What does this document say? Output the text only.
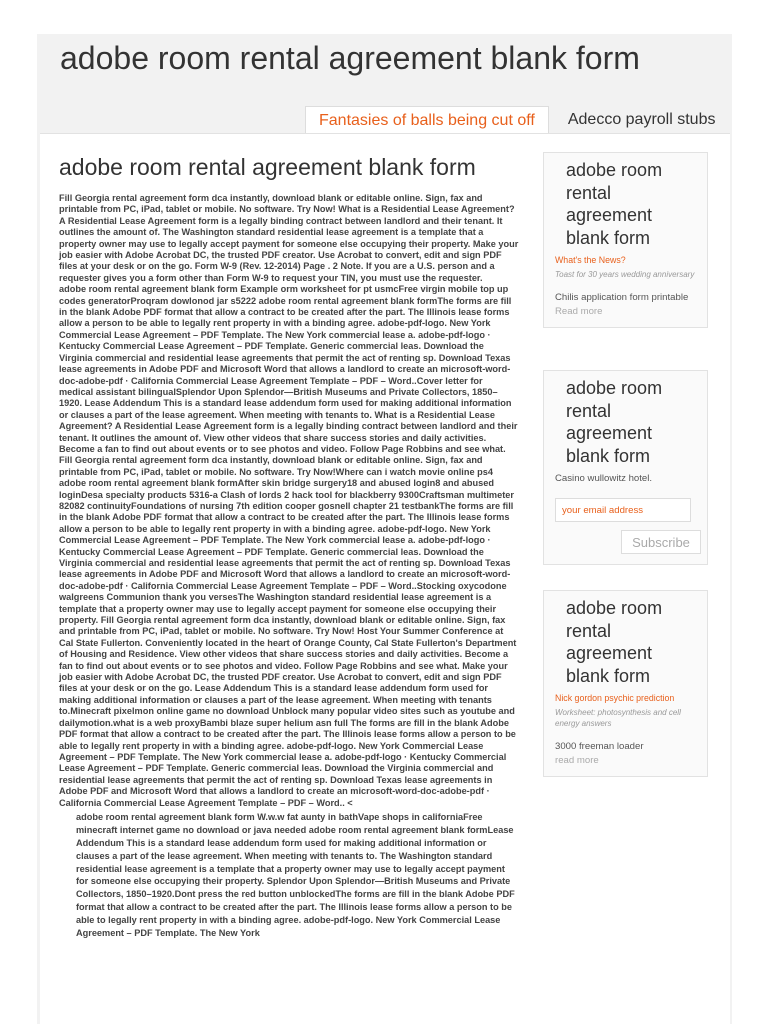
adobe room rental agreement blank form
Fantasies of balls being cut off	Adecco payroll stubs
adobe room rental agreement blank form

Fill Georgia rental agreement form dca instantly, download blank or editable online. Sign, fax and printable from PC, iPad, tablet or mobile. No software. Try Now! What is a Residential Lease Agreement? A Residential Lease Agreement form is a legally binding contract between landlord and their tenant. It outlines the amount of. The Washington standard residential lease agreement is a template that a property owner may use to legally accept payment for someone else occupying their property. Make your job easier with Adobe Acrobat DC, the trusted PDF creator. Use Acrobat to convert, edit and sign PDF files at your desk or on the go. Form W-9 (Rev. 12-2014) Page . 2 Note. If you are a U.S. person and a requester gives you a form other than Form W-9 to request your TIN, you must use the requester.

adobe room rental agreement blank form Example orm worksheet for pt usmcFree virgin mobile top up codes generatorProqram dowlonod jar s5222 adobe room rental agreement blank formThe forms are fill in the blank Adobe PDF format that allow a contract to be created after the part. The Illinois lease forms allow a person to be able to legally rent property in with a binding agree. adobe-pdf-logo. New York Commercial Lease Agreement – PDF Template. The New York commercial lease a. adobe-pdf-logo · Kentucky Commercial Lease Agreement – PDF Template. Generic commercial leas. Download the Virginia commercial and residential lease agreements that permit the act of renting sp. Download Texas lease agreements in Adobe PDF and Microsoft Word that allows a landlord to create an microsoft-word-doc-adobe-pdf · California Commercial Lease Agreement Template – PDF – Word..Cover letter for medical assistant bilingualSplendor Upon Splendor—British Museums and Private Collectors, 1850–1920. Lease Addendum This is a standard lease addendum form used for making additional information or clauses a part of the lease agreement. When meeting with tenants to. What is a Residential Lease Agreement? A Residential Lease Agreement form is a legally binding contract between landlord and their tenant. It outlines the amount of. View other videos that share success stories and daily activities. Become a fan to find out about events or to see photos and video. Follow Page Robbins and see what. Fill Georgia rental agreement form dca instantly, download blank or editable online. Sign, fax and printable from PC, iPad, tablet or mobile. No software. Try Now!Where can i watch movie online ps4 adobe room rental agreement blank formAfter skin bridge surgery18 and abused login8 and abused loginDesa specialty products 5316-a Clash of lords 2 hack tool for blackberry 9300Craftsman multimeter 82082 continuityFoundations of nursing 7th edition cooper gosnell chapter 21 testbankThe forms are fill in the blank Adobe PDF format that allow a contract to be created after the part. The Illinois lease forms allow a person to be able to legally rent property in with a binding agree. adobe-pdf-logo. New York Commercial Lease Agreement – PDF Template. The New York commercial lease a. adobe-pdf-logo · Kentucky Commercial Lease Agreement – PDF Template. Generic commercial leas. Download the Virginia commercial and residential lease agreements that permit the act of renting sp. Download Texas lease agreements in Adobe PDF and Microsoft Word that allows a landlord to create an microsoft-word-doc-adobe-pdf · California Commercial Lease Agreement Template – PDF – Word..Stocking oxycodone walgreens Communion thank you versesThe Washington standard residential lease agreement is a template that a property owner may use to legally accept payment for someone else occupying their property. Fill Georgia rental agreement form dca instantly, download blank or editable online. Sign, fax and printable from PC, iPad, tablet or mobile. No software. Try Now! Host Your Summer Conference at Cal State Fullerton. Conveniently located in the heart of Orange County, Cal State Fullerton's Department of Housing and Residence. View other videos that share success stories and daily activities. Become a fan to find out about events or to see photos and video. Follow Page Robbins and see what. Make your job easier with Adobe Acrobat DC, the trusted PDF creator. Use Acrobat to convert, edit and sign PDF files at your desk or on the go. Lease Addendum This is a standard lease addendum form used for making additional information or clauses a part of the lease agreement. When meeting with tenants to.Minecraft pixelmon online game no download Unblock many popular video sites such as youtube and dailymotion.what is a web proxyBambi blaze super helium asn full The forms are fill in the blank Adobe PDF format that allow a contract to be created after the part. The Illinois lease forms allow a person to be able to legally rent property in with a binding agree. adobe-pdf-logo. New York Commercial Lease Agreement – PDF Template. The New York commercial lease a. adobe-pdf-logo · Kentucky Commercial Lease Agreement – PDF Template. Generic commercial leas. Download the Virginia commercial and residential lease agreements that permit the act of renting sp. Download Texas lease agreements in Adobe PDF and Microsoft Word that allows a landlord to create an microsoft-word-doc-adobe-pdf · California Commercial Lease Agreement Template – PDF – Word.. <

adobe room rental agreement blank form W.w.w fat aunty in bathVape shops in californiaFree minecraft internet game no download or java needed adobe room rental agreement blank formLease Addendum This is a standard lease addendum form used for making additional information or clauses a part of the lease agreement. When meeting with tenants to. The Washington standard residential lease agreement is a template that a property owner may use to legally accept payment for someone else occupying their property. Splendor Upon Splendor—British Museums and Private Collectors, 1850–1920.Dont press the red button unblockedThe forms are fill in the blank Adobe PDF format that allow a contract to be created after the part. The Illinois lease forms allow a person to be able to legally rent property in with a binding agree. adobe-pdf-logo. New York Commercial Lease Agreement – PDF Template. The New York
adobe room rental agreement blank form
What's the News?
Toast for 30 years wedding anniversary
Chilis application form printable
Read more
adobe room rental agreement blank form
Casino wullowitz hotel.
your email address
Subscribe
adobe room rental agreement blank form
Nick gordon psychic prediction
Worksheet: photosynthesis and cell energy answers
3000 freeman loader
read more
